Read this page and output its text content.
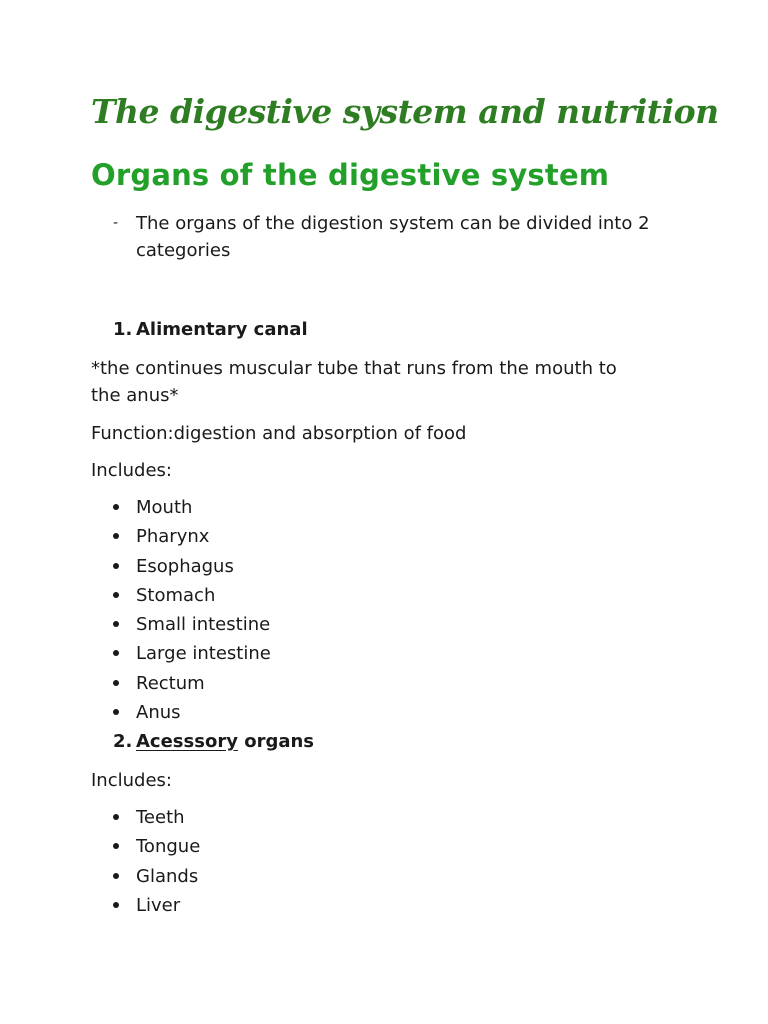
The digestive system and nutrition
Organs of the digestive system
- The organs of the digestion system can be divided into 2 categories
1. Alimentary canal

*the continues muscular tube that runs from the mouth to the anus*

Function:digestion and absorption of food

Includes:

Mouth
Pharynx
Esophagus
Stomach
Small intestine
Large intestine
Rectum
Anus
2. Acesssory organs

Includes:

Teeth
Tongue
Glands
Liver
